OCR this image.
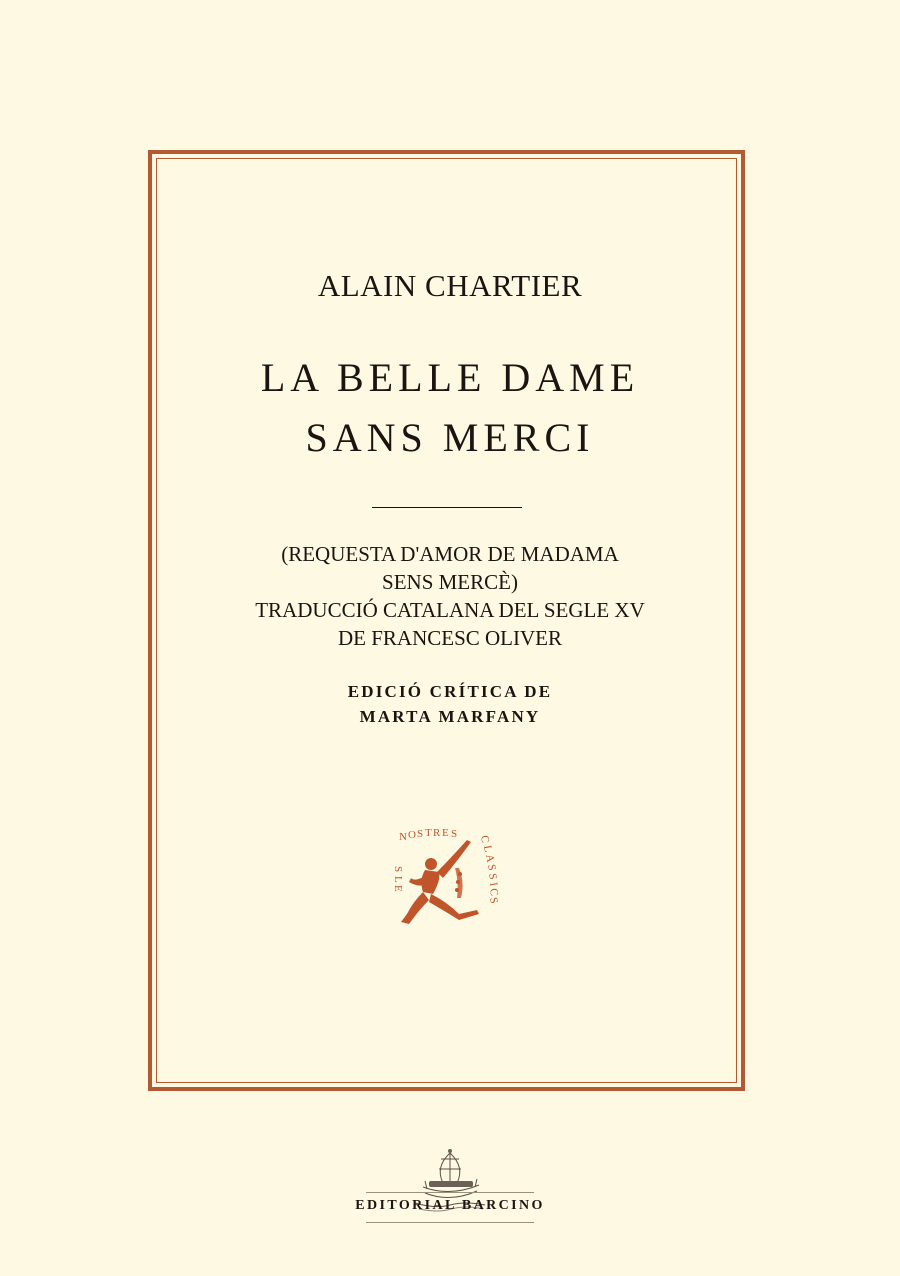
ALAIN CHARTIER
LA BELLE DAME
SANS MERCI
(REQUESTA D'AMOR DE MADAMA
SENS MERCÈ)
TRADUCCIÓ CATALANA DEL SEGLE XV
DE FRANCESC OLIVER
EDICIÓ CRÍTICA DE
MARTA MARFANY
N O S T R E S
S
L
E
C
L
A
S
S
I
C
S
EDITORIAL BARCINO
